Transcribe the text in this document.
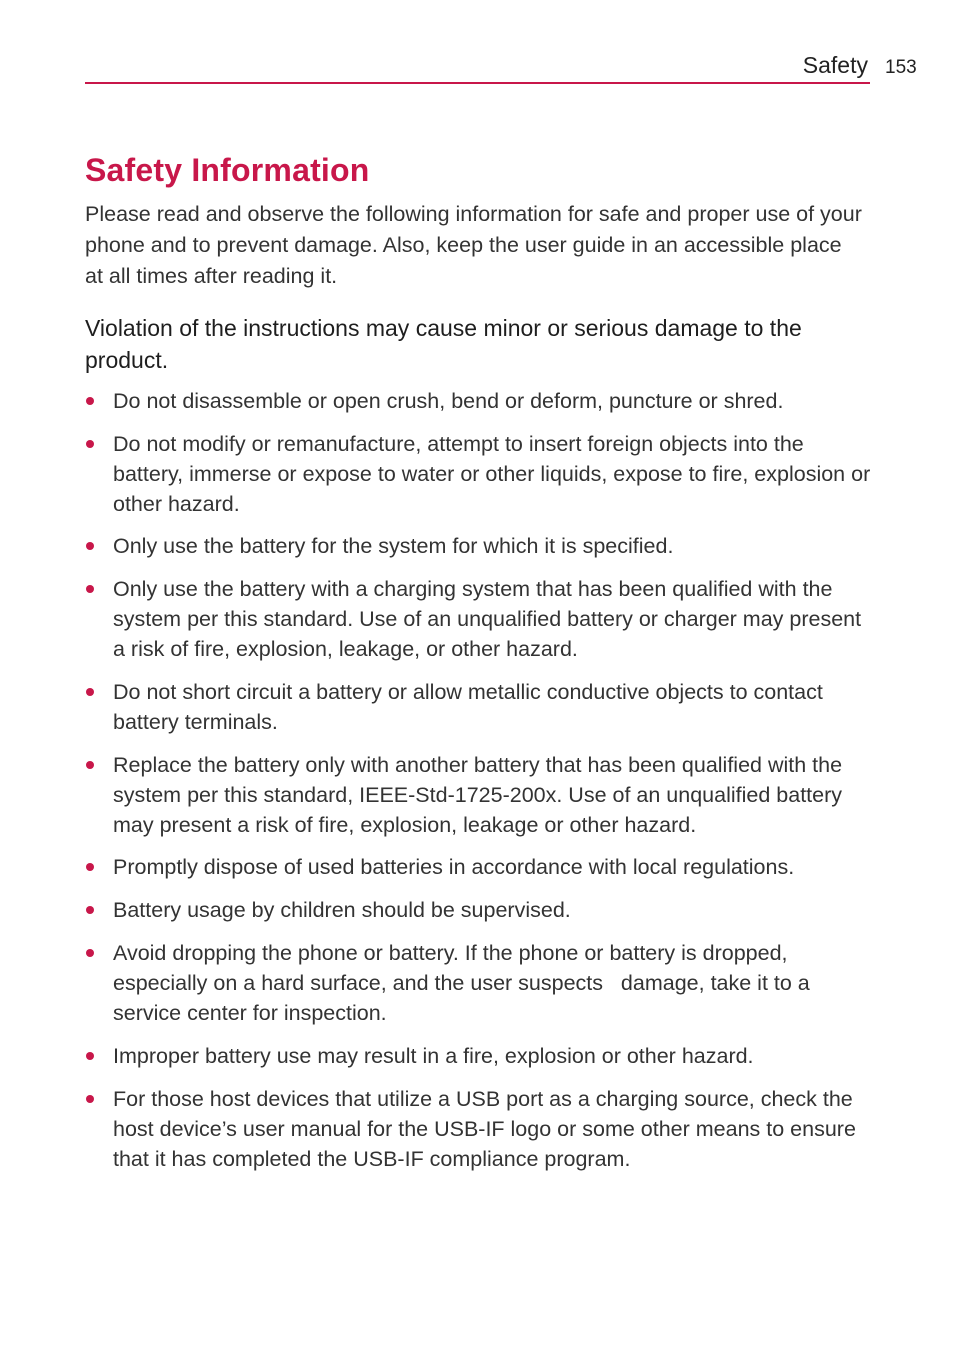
Safety 153
Safety Information

Please read and observe the following information for safe and proper use of your phone and to prevent damage. Also, keep the user guide in an accessible place at all times after reading it.

Violation of the instructions may cause minor or serious damage to the product.

Do not disassemble or open crush, bend or deform, puncture or shred.
Do not modify or remanufacture, attempt to insert foreign objects into the battery, immerse or expose to water or other liquids, expose to fire, explosion or other hazard.
Only use the battery for the system for which it is specified.
Only use the battery with a charging system that has been qualified with the system per this standard. Use of an unqualified battery or charger may present a risk of fire, explosion, leakage, or other hazard.
Do not short circuit a battery or allow metallic conductive objects to contact battery terminals.
Replace the battery only with another battery that has been qualified with the system per this standard, IEEE-Std-1725-200x. Use of an unqualified battery may present a risk of fire, explosion, leakage or other hazard.
Promptly dispose of used batteries in accordance with local regulations.
Battery usage by children should be supervised.
Avoid dropping the phone or battery. If the phone or battery is dropped, especially on a hard surface, and the user suspects   damage, take it to a service center for inspection.
Improper battery use may result in a fire, explosion or other hazard.
For those host devices that utilize a USB port as a charging source, check the host device’s user manual for the USB-IF logo or some other means to ensure that it has completed the USB-IF compliance program.
